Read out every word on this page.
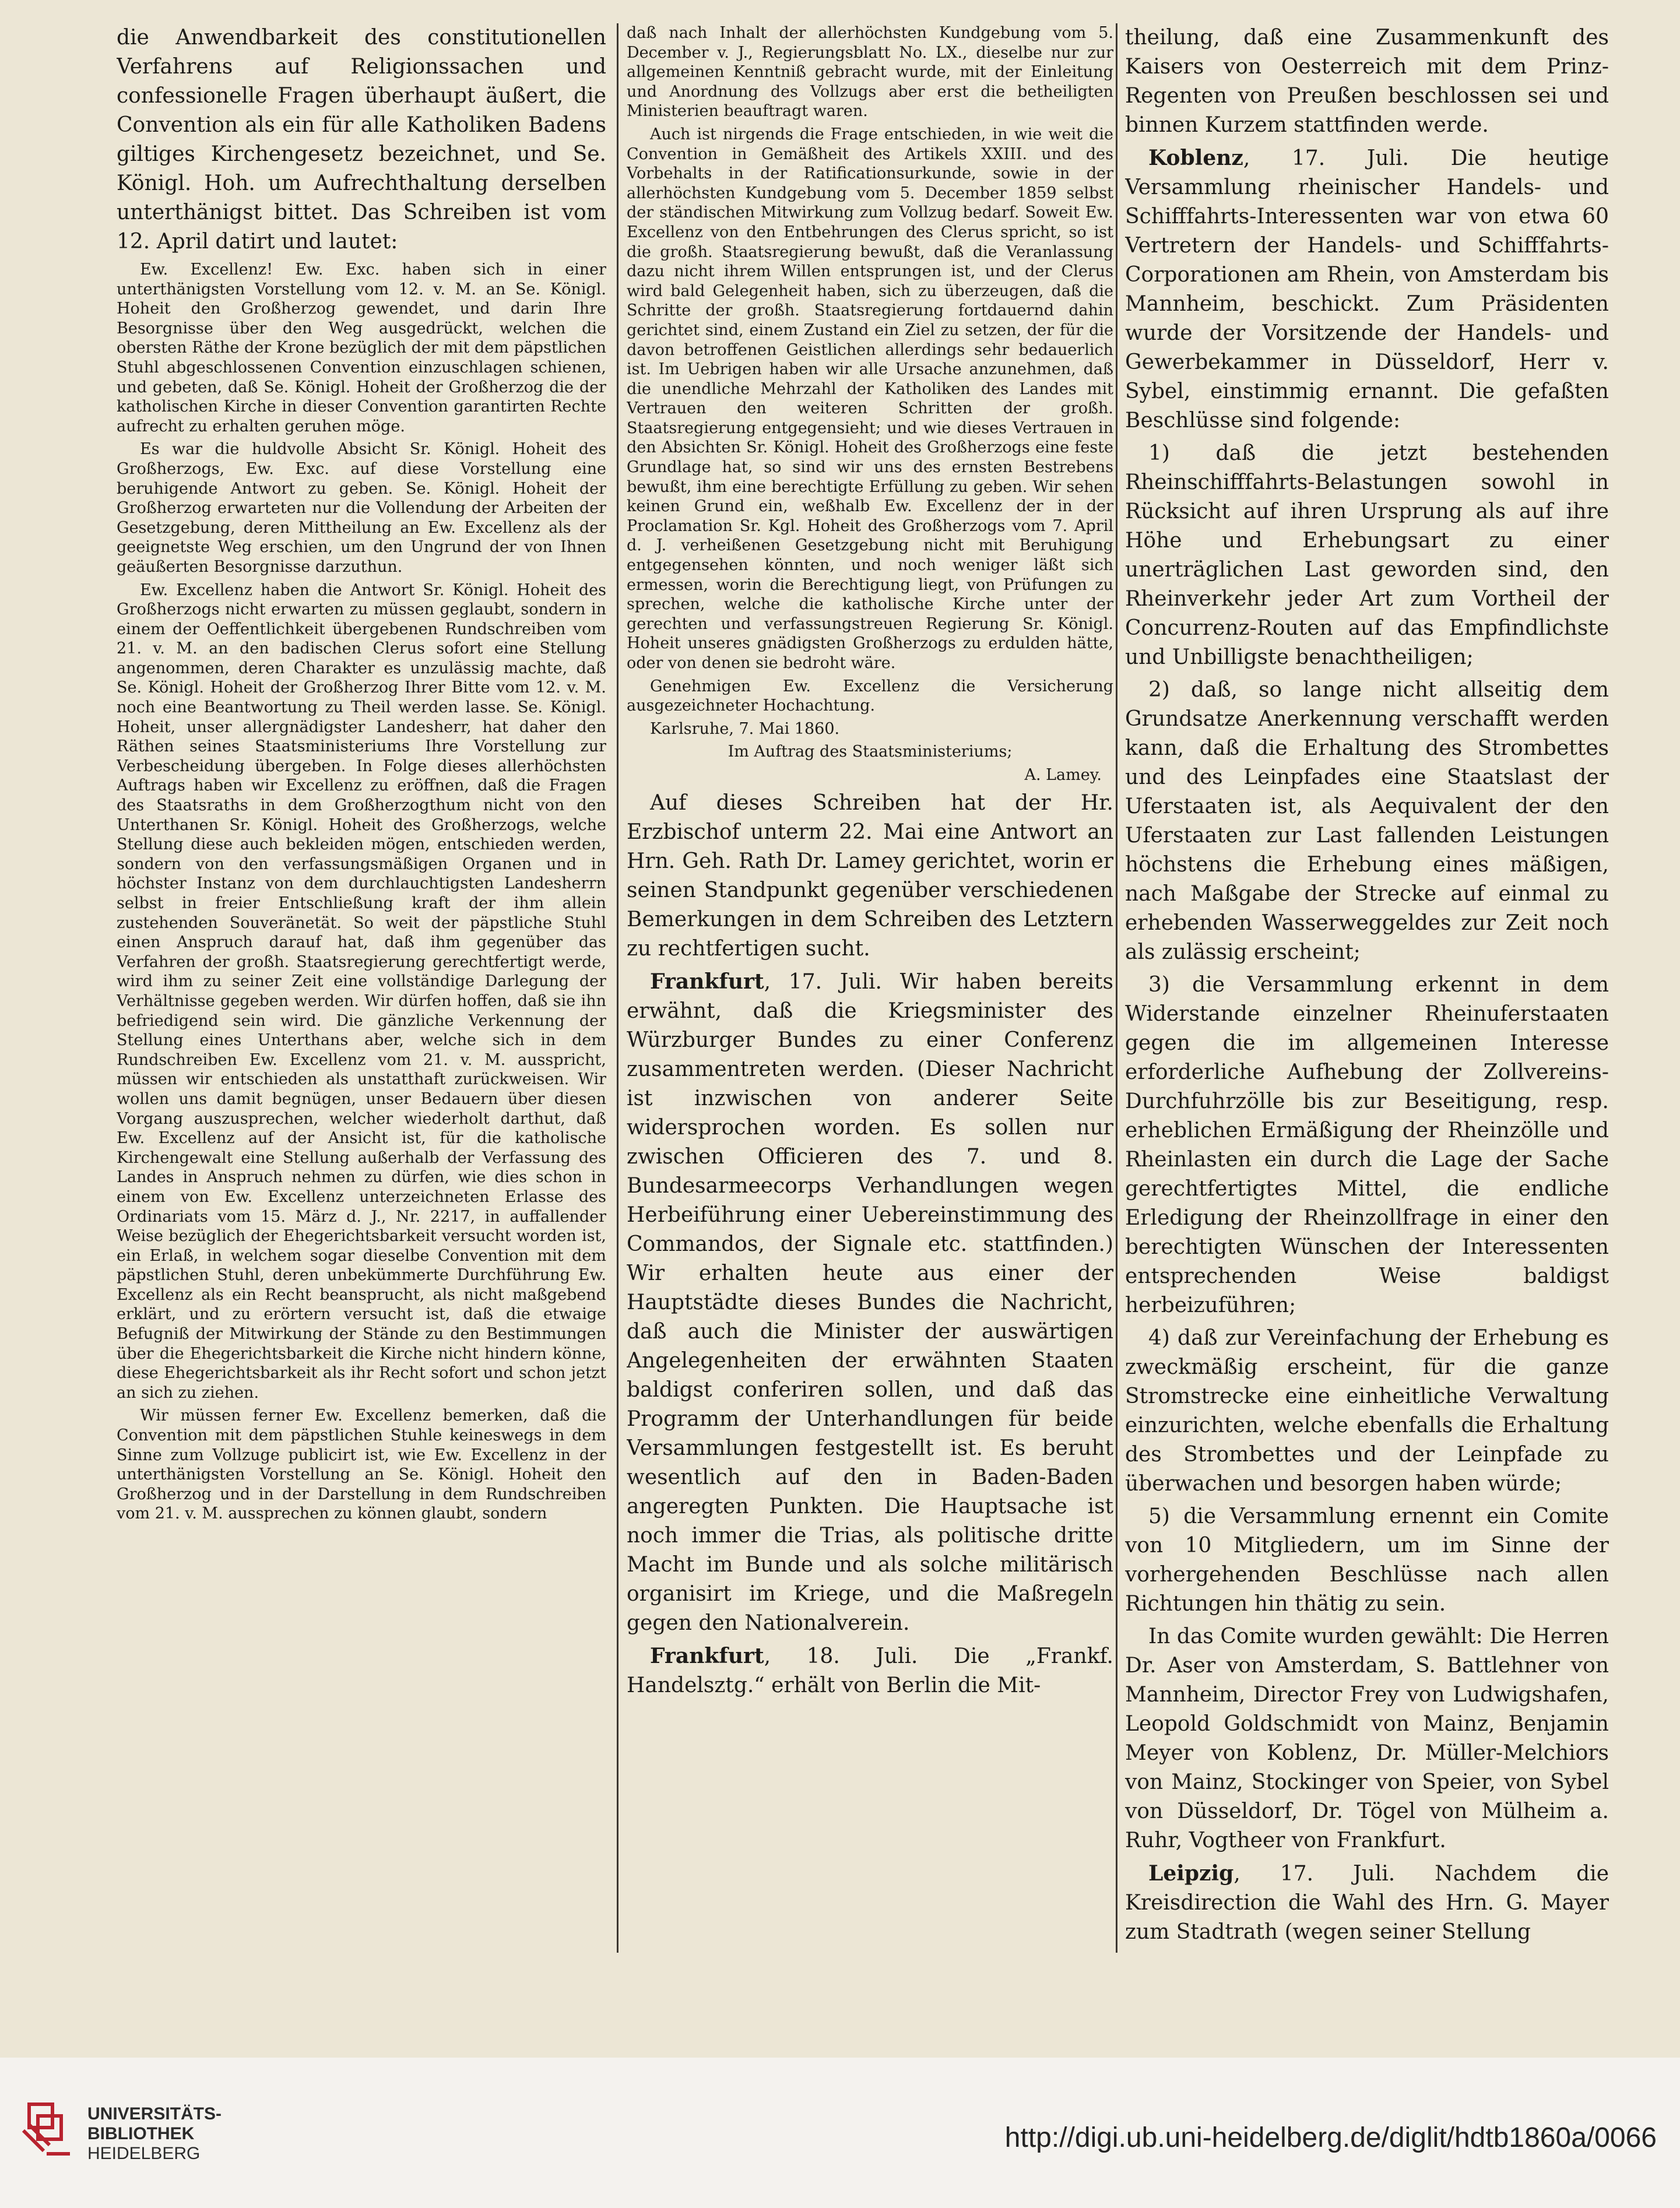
die Anwendbarkeit des constitutionellen Verfahrens auf Religionssachen und confessionelle Fragen überhaupt äußert, die Convention als ein für alle Katholiken Badens giltiges Kirchengesetz bezeichnet, und Se. Königl. Hoh. um Aufrechthaltung derselben unterthänigst bittet. Das Schreiben ist vom 12. April datirt und lautet:

Ew. Excellenz! Ew. Exc. haben sich in einer unterthänigsten Vorstellung vom 12. v. M. an Se. Königl. Hoheit den Großherzog gewendet, und darin Ihre Besorgnisse über den Weg ausgedrückt, welchen die obersten Räthe der Krone bezüglich der mit dem päpstlichen Stuhl abgeschlossenen Convention einzuschlagen schienen, und gebeten, daß Se. Königl. Hoheit der Großherzog die der katholischen Kirche in dieser Convention garantirten Rechte aufrecht zu erhalten geruhen möge.

Es war die huldvolle Absicht Sr. Königl. Hoheit des Großherzogs, Ew. Exc. auf diese Vorstellung eine beruhigende Antwort zu geben. Se. Königl. Hoheit der Großherzog erwarteten nur die Vollendung der Arbeiten der Gesetzgebung, deren Mittheilung an Ew. Excellenz als der geeignetste Weg erschien, um den Ungrund der von Ihnen geäußerten Besorgnisse darzuthun.

Ew. Excellenz haben die Antwort Sr. Königl. Hoheit des Großherzogs nicht erwarten zu müssen geglaubt, sondern in einem der Oeffentlichkeit übergebenen Rundschreiben vom 21. v. M. an den badischen Clerus sofort eine Stellung angenommen, deren Charakter es unzulässig machte, daß Se. Königl. Hoheit der Großherzog Ihrer Bitte vom 12. v. M. noch eine Beantwortung zu Theil werden lasse. Se. Königl. Hoheit, unser allergnädigster Landesherr, hat daher den Räthen seines Staatsministeriums Ihre Vorstellung zur Verbescheidung übergeben. In Folge dieses allerhöchsten Auftrags haben wir Excellenz zu eröffnen, daß die Fragen des Staatsraths in dem Großherzogthum nicht von den Unterthanen Sr. Königl. Hoheit des Großherzogs, welche Stellung diese auch bekleiden mögen, entschieden werden, sondern von den verfassungsmäßigen Organen und in höchster Instanz von dem durchlauchtigsten Landesherrn selbst in freier Entschließung kraft der ihm allein zustehenden Souveränetät. So weit der päpstliche Stuhl einen Anspruch darauf hat, daß ihm gegenüber das Verfahren der großh. Staatsregierung gerechtfertigt werde, wird ihm zu seiner Zeit eine vollständige Darlegung der Verhältnisse gegeben werden. Wir dürfen hoffen, daß sie ihn befriedigend sein wird. Die gänzliche Verkennung der Stellung eines Unterthans aber, welche sich in dem Rundschreiben Ew. Excellenz vom 21. v. M. ausspricht, müssen wir entschieden als unstatthaft zurückweisen. Wir wollen uns damit begnügen, unser Bedauern über diesen Vorgang auszusprechen, welcher wiederholt darthut, daß Ew. Excellenz auf der Ansicht ist, für die katholische Kirchengewalt eine Stellung außerhalb der Verfassung des Landes in Anspruch nehmen zu dürfen, wie dies schon in einem von Ew. Excellenz unterzeichneten Erlasse des Ordinariats vom 15. März d. J., Nr. 2217, in auffallender Weise bezüglich der Ehegerichtsbarkeit versucht worden ist, ein Erlaß, in welchem sogar dieselbe Convention mit dem päpstlichen Stuhl, deren unbekümmerte Durchführung Ew. Excellenz als ein Recht beansprucht, als nicht maßgebend erklärt, und zu erörtern versucht ist, daß die etwaige Befugniß der Mitwirkung der Stände zu den Bestimmungen über die Ehegerichtsbarkeit die Kirche nicht hindern könne, diese Ehegerichtsbarkeit als ihr Recht sofort und schon jetzt an sich zu ziehen.

Wir müssen ferner Ew. Excellenz bemerken, daß die Convention mit dem päpstlichen Stuhle keineswegs in dem Sinne zum Vollzuge publicirt ist, wie Ew. Excellenz in der unterthänigsten Vorstellung an Se. Königl. Hoheit den Großherzog und in der Darstellung in dem Rundschreiben vom 21. v. M. aussprechen zu können glaubt, sondern

daß nach Inhalt der allerhöchsten Kundgebung vom 5. December v. J., Regierungsblatt No. LX., dieselbe nur zur allgemeinen Kenntniß gebracht wurde, mit der Einleitung und Anordnung des Vollzugs aber erst die betheiligten Ministerien beauftragt waren.

Auch ist nirgends die Frage entschieden, in wie weit die Convention in Gemäßheit des Artikels XXIII. und des Vorbehalts in der Ratificationsurkunde, sowie in der allerhöchsten Kundgebung vom 5. December 1859 selbst der ständischen Mitwirkung zum Vollzug bedarf. Soweit Ew. Excellenz von den Entbehrungen des Clerus spricht, so ist die großh. Staatsregierung bewußt, daß die Veranlassung dazu nicht ihrem Willen entsprungen ist, und der Clerus wird bald Gelegenheit haben, sich zu überzeugen, daß die Schritte der großh. Staatsregierung fortdauernd dahin gerichtet sind, einem Zustand ein Ziel zu setzen, der für die davon betroffenen Geistlichen allerdings sehr bedauerlich ist. Im Uebrigen haben wir alle Ursache anzunehmen, daß die unendliche Mehrzahl der Katholiken des Landes mit Vertrauen den weiteren Schritten der großh. Staatsregierung entgegensieht; und wie dieses Vertrauen in den Absichten Sr. Königl. Hoheit des Großherzogs eine feste Grundlage hat, so sind wir uns des ernsten Bestrebens bewußt, ihm eine berechtigte Erfüllung zu geben. Wir sehen keinen Grund ein, weßhalb Ew. Excellenz der in der Proclamation Sr. Kgl. Hoheit des Großherzogs vom 7. April d. J. verheißenen Gesetzgebung nicht mit Beruhigung entgegensehen könnten, und noch weniger läßt sich ermessen, worin die Berechtigung liegt, von Prüfungen zu sprechen, welche die katholische Kirche unter der gerechten und verfassungstreuen Regierung Sr. Königl. Hoheit unseres gnädigsten Großherzogs zu erdulden hätte, oder von denen sie bedroht wäre.

Genehmigen Ew. Excellenz die Versicherung ausgezeichneter Hochachtung.

Karlsruhe, 7. Mai 1860.

Im Auftrag des Staatsministeriums;

A. Lamey.

Auf dieses Schreiben hat der Hr. Erzbischof unterm 22. Mai eine Antwort an Hrn. Geh. Rath Dr. Lamey gerichtet, worin er seinen Standpunkt gegenüber verschiedenen Bemerkungen in dem Schreiben des Letztern zu rechtfertigen sucht.

Frankfurt, 17. Juli. Wir haben bereits erwähnt, daß die Kriegsminister des Würzburger Bundes zu einer Conferenz zusammentreten werden. (Dieser Nachricht ist inzwischen von anderer Seite widersprochen worden. Es sollen nur zwischen Officieren des 7. und 8. Bundesarmeecorps Verhandlungen wegen Herbeiführung einer Uebereinstimmung des Commandos, der Signale etc. stattfinden.) Wir erhalten heute aus einer der Hauptstädte dieses Bundes die Nachricht, daß auch die Minister der auswärtigen Angelegenheiten der erwähnten Staaten baldigst conferiren sollen, und daß das Programm der Unterhandlungen für beide Versammlungen festgestellt ist. Es beruht wesentlich auf den in Baden-Baden angeregten Punkten. Die Hauptsache ist noch immer die Trias, als politische dritte Macht im Bunde und als solche militärisch organisirt im Kriege, und die Maßregeln gegen den Nationalverein.

Frankfurt, 18. Juli. Die „Frankf. Handelsztg.“ erhält von Berlin die Mit-

theilung, daß eine Zusammenkunft des Kaisers von Oesterreich mit dem Prinz-Regenten von Preußen beschlossen sei und binnen Kurzem stattfinden werde.

Koblenz, 17. Juli. Die heutige Versammlung rheinischer Handels- und Schifffahrts-Interessenten war von etwa 60 Vertretern der Handels- und Schifffahrts-Corporationen am Rhein, von Amsterdam bis Mannheim, beschickt. Zum Präsidenten wurde der Vorsitzende der Handels- und Gewerbekammer in Düsseldorf, Herr v. Sybel, einstimmig ernannt. Die gefaßten Beschlüsse sind folgende:

1) daß die jetzt bestehenden Rheinschifffahrts-Belastungen sowohl in Rücksicht auf ihren Ursprung als auf ihre Höhe und Erhebungsart zu einer unerträglichen Last geworden sind, den Rheinverkehr jeder Art zum Vortheil der Concurrenz-Routen auf das Empfindlichste und Unbilligste benachtheiligen;

2) daß, so lange nicht allseitig dem Grundsatze Anerkennung verschafft werden kann, daß die Erhaltung des Strombettes und des Leinpfades eine Staatslast der Uferstaaten ist, als Aequivalent der den Uferstaaten zur Last fallenden Leistungen höchstens die Erhebung eines mäßigen, nach Maßgabe der Strecke auf einmal zu erhebenden Wasserweggeldes zur Zeit noch als zulässig erscheint;

3) die Versammlung erkennt in dem Widerstande einzelner Rheinuferstaaten gegen die im allgemeinen Interesse erforderliche Aufhebung der Zollvereins-Durchfuhrzölle bis zur Beseitigung, resp. erheblichen Ermäßigung der Rheinzölle und Rheinlasten ein durch die Lage der Sache gerechtfertigtes Mittel, die endliche Erledigung der Rheinzollfrage in einer den berechtigten Wünschen der Interessenten entsprechenden Weise baldigst herbeizuführen;

4) daß zur Vereinfachung der Erhebung es zweckmäßig erscheint, für die ganze Stromstrecke eine einheitliche Verwaltung einzurichten, welche ebenfalls die Erhaltung des Strombettes und der Leinpfade zu überwachen und besorgen haben würde;

5) die Versammlung ernennt ein Comite von 10 Mitgliedern, um im Sinne der vorhergehenden Beschlüsse nach allen Richtungen hin thätig zu sein.

In das Comite wurden gewählt: Die Herren Dr. Aser von Amsterdam, S. Battlehner von Mannheim, Director Frey von Ludwigshafen, Leopold Goldschmidt von Mainz, Benjamin Meyer von Koblenz, Dr. Müller-Melchiors von Mainz, Stockinger von Speier, von Sybel von Düsseldorf, Dr. Tögel von Mülheim a. Ruhr, Vogtheer von Frankfurt.

Leipzig, 17. Juli. Nachdem die Kreisdirection die Wahl des Hrn. G. Mayer zum Stadtrath (wegen seiner Stellung

UNIVERSITÄTS-
BIBLIOTHEK
HEIDELBERG
http://digi.ub.uni-heidelberg.de/diglit/hdtb1860a/0066
